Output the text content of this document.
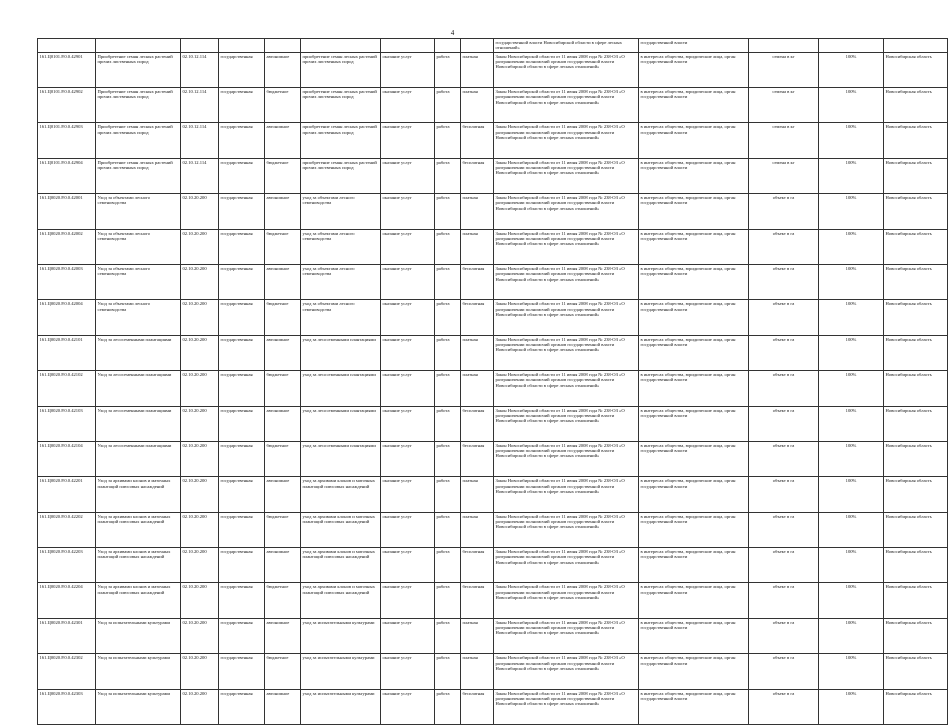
4
									государственной власти Новосибирской области в сфере лесных отношений»	государственной власти			
161.Ц0101.Р.0.0.42901	Приобретение семян лесных растений прочих лиственных пород	02.10.12.114	государственная	автономное	приобретение семян лесных растений прочих лиственных пород	оказание услуг	работа	платная	Закон Новосибирской области от 11 июня 2008 года № 238-ОЗ «О разграничении полномочий органов государственной власти Новосибирской области в сфере лесных отношений»	в интересах общества, юридические лица, орган государственной власти	семена в кг	100%	Новосибирская область
161.Ц0101.Р.0.0.42902	Приобретение семян лесных растений прочих лиственных пород	02.10.12.114	государственная	бюджетное	приобретение семян лесных растений прочих лиственных пород	оказание услуг	работа	платная	Закон Новосибирской области от 11 июня 2008 года № 238-ОЗ «О разграничении полномочий органов государственной власти Новосибирской области в сфере лесных отношений»	в интересах общества, юридические лица, орган государственной власти	семена в кг	100%	Новосибирская область
161.Ц0101.Р.0.0.42903	Приобретение семян лесных растений прочих лиственных пород	02.10.12.114	государственная	автономное	приобретение семян лесных растений прочих лиственных пород	оказание услуг	работа	бесплатная	Закон Новосибирской области от 11 июня 2008 года № 238-ОЗ «О разграничении полномочий органов государственной власти Новосибирской области в сфере лесных отношений»	в интересах общества, юридические лица, орган государственной власти	семена в кг	100%	Новосибирская область
161.Ц0101.Р.0.0.42904	Приобретение семян лесных растений прочих лиственных пород	02.10.12.114	государственная	бюджетное	приобретение семян лесных растений прочих лиственных пород	оказание услуг	работа	бесплатная	Закон Новосибирской области от 11 июня 2008 года № 238-ОЗ «О разграничении полномочий органов государственной власти Новосибирской области в сфере лесных отношений»	в интересах общества, юридические лица, орган государственной власти	семена в кг	100%	Новосибирская область
161.Ц0020.Р.0.0.42001	Уход за объектами лесного семеноводства	02.10.20.200	государственная	автономное	уход за объектами лесного семеноводства	оказание услуг	работа	платная	Закон Новосибирской области от 11 июня 2008 года № 238-ОЗ «О разграничении полномочий органов государственной власти Новосибирской области в сфере лесных отношений»	в интересах общества, юридические лица, орган государственной власти	объект в га	100%	Новосибирская область
161.Ц0020.Р.0.0.42002	Уход за объектами лесного семеноводства	02.10.20.200	государственная	бюджетное	уход за объектами лесного семеноводства	оказание услуг	работа	платная	Закон Новосибирской области от 11 июня 2008 года № 238-ОЗ «О разграничении полномочий органов государственной власти Новосибирской области в сфере лесных отношений»	в интересах общества, юридические лица, орган государственной власти	объект в га	100%	Новосибирская область
161.Ц0020.Р.0.0.42003	Уход за объектами лесного семеноводства	02.10.20.200	государственная	автономное	уход за объектами лесного семеноводства	оказание услуг	работа	бесплатная	Закон Новосибирской области от 11 июня 2008 года № 238-ОЗ «О разграничении полномочий органов государственной власти Новосибирской области в сфере лесных отношений»	в интересах общества, юридические лица, орган государственной власти	объект в га	100%	Новосибирская область
161.Ц0020.Р.0.0.42004	Уход за объектами лесного семеноводства	02.10.20.200	государственная	бюджетное	уход за объектами лесного семеноводства	оказание услуг	работа	бесплатная	Закон Новосибирской области от 11 июня 2008 года № 238-ОЗ «О разграничении полномочий органов государственной власти Новосибирской области в сфере лесных отношений»	в интересах общества, юридические лица, орган государственной власти	объект в га	100%	Новосибирская область
161.Ц0020.Р.0.0.42101	Уход за лесосеменными плантациями	02.10.20.200	государственная	автономное	уход за лесосеменными плантациями	оказание услуг	работа	платная	Закон Новосибирской области от 11 июня 2008 года № 238-ОЗ «О разграничении полномочий органов государственной власти Новосибирской области в сфере лесных отношений»	в интересах общества, юридические лица, орган государственной власти	объект в га	100%	Новосибирская область
161.Ц0020.Р.0.0.42102	Уход за лесосеменными плантациями	02.10.20.200	государственная	бюджетное	уход за лесосеменными плантациями	оказание услуг	работа	платная	Закон Новосибирской области от 11 июня 2008 года № 238-ОЗ «О разграничении полномочий органов государственной власти Новосибирской области в сфере лесных отношений»	в интересах общества, юридические лица, орган государственной власти	объект в га	100%	Новосибирская область
161.Ц0020.Р.0.0.42103	Уход за лесосеменными плантациями	02.10.20.200	государственная	автономное	уход за лесосеменными плантациями	оказание услуг	работа	бесплатная	Закон Новосибирской области от 11 июня 2008 года № 238-ОЗ «О разграничении полномочий органов государственной власти Новосибирской области в сфере лесных отношений»	в интересах общества, юридические лица, орган государственной власти	объект в га	100%	Новосибирская область
161.Ц0020.Р.0.0.42104	Уход за лесосеменными плантациями	02.10.20.200	государственная	бюджетное	уход за лесосеменными плантациями	оказание услуг	работа	бесплатная	Закон Новосибирской области от 11 июня 2008 года № 238-ОЗ «О разграничении полномочий органов государственной власти Новосибирской области в сфере лесных отношений»	в интересах общества, юридические лица, орган государственной власти	объект в га	100%	Новосибирская область
161.Ц0020.Р.0.0.42201	Уход за архивами клонов и маточных плантаций плюсовых насаждений	02.10.20.200	государственная	автономное	уход за архивами клонов и маточных плантаций плюсовых насаждений	оказание услуг	работа	платная	Закон Новосибирской области от 11 июня 2008 года № 238-ОЗ «О разграничении полномочий органов государственной власти Новосибирской области в сфере лесных отношений»	в интересах общества, юридические лица, орган государственной власти	объект в га	100%	Новосибирская область
161.Ц0020.Р.0.0.42202	Уход за архивами клонов и маточных плантаций плюсовых насаждений	02.10.20.200	государственная	бюджетное	уход за архивами клонов и маточных плантаций плюсовых насаждений	оказание услуг	работа	платная	Закон Новосибирской области от 11 июня 2008 года № 238-ОЗ «О разграничении полномочий органов государственной власти Новосибирской области в сфере лесных отношений»	в интересах общества, юридические лица, орган государственной власти	объект в га	100%	Новосибирская область
161.Ц0020.Р.0.0.42203	Уход за архивами клонов и маточных плантаций плюсовых насаждений	02.10.20.200	государственная	автономное	уход за архивами клонов и маточных плантаций плюсовых насаждений	оказание услуг	работа	бесплатная	Закон Новосибирской области от 11 июня 2008 года № 238-ОЗ «О разграничении полномочий органов государственной власти Новосибирской области в сфере лесных отношений»	в интересах общества, юридические лица, орган государственной власти	объект в га	100%	Новосибирская область
161.Ц0020.Р.0.0.42204	Уход за архивами клонов и маточных плантаций плюсовых насаждений	02.10.20.200	государственная	бюджетное	уход за архивами клонов и маточных плантаций плюсовых насаждений	оказание услуг	работа	бесплатная	Закон Новосибирской области от 11 июня 2008 года № 238-ОЗ «О разграничении полномочий органов государственной власти Новосибирской области в сфере лесных отношений»	в интересах общества, юридические лица, орган государственной власти	объект в га	100%	Новосибирская область
161.Ц0020.Р.0.0.42301	Уход за испытательными культурами	02.10.20.200	государственная	автономное	уход за испытательными культурами	оказание услуг	работа	платная	Закон Новосибирской области от 11 июня 2008 года № 238-ОЗ «О разграничении полномочий органов государственной власти Новосибирской области в сфере лесных отношений»	в интересах общества, юридические лица, орган государственной власти	объект в га	100%	Новосибирская область
161.Ц0020.Р.0.0.42302	Уход за испытательными культурами	02.10.20.200	государственная	бюджетное	уход за испытательными культурами	оказание услуг	работа	платная	Закон Новосибирской области от 11 июня 2008 года № 238-ОЗ «О разграничении полномочий органов государственной власти Новосибирской области в сфере лесных отношений»	в интересах общества, юридические лица, орган государственной власти	объект в га	100%	Новосибирская область
161.Ц0020.Р.0.0.42303	Уход за испытательными культурами	02.10.20.200	государственная	автономное	уход за испытательными культурами	оказание услуг	работа	бесплатная	Закон Новосибирской области от 11 июня 2008 года № 238-ОЗ «О разграничении полномочий органов государственной власти Новосибирской области в сфере лесных отношений»	в интересах общества, юридические лица, орган государственной власти	объект в га	100%	Новосибирская область
